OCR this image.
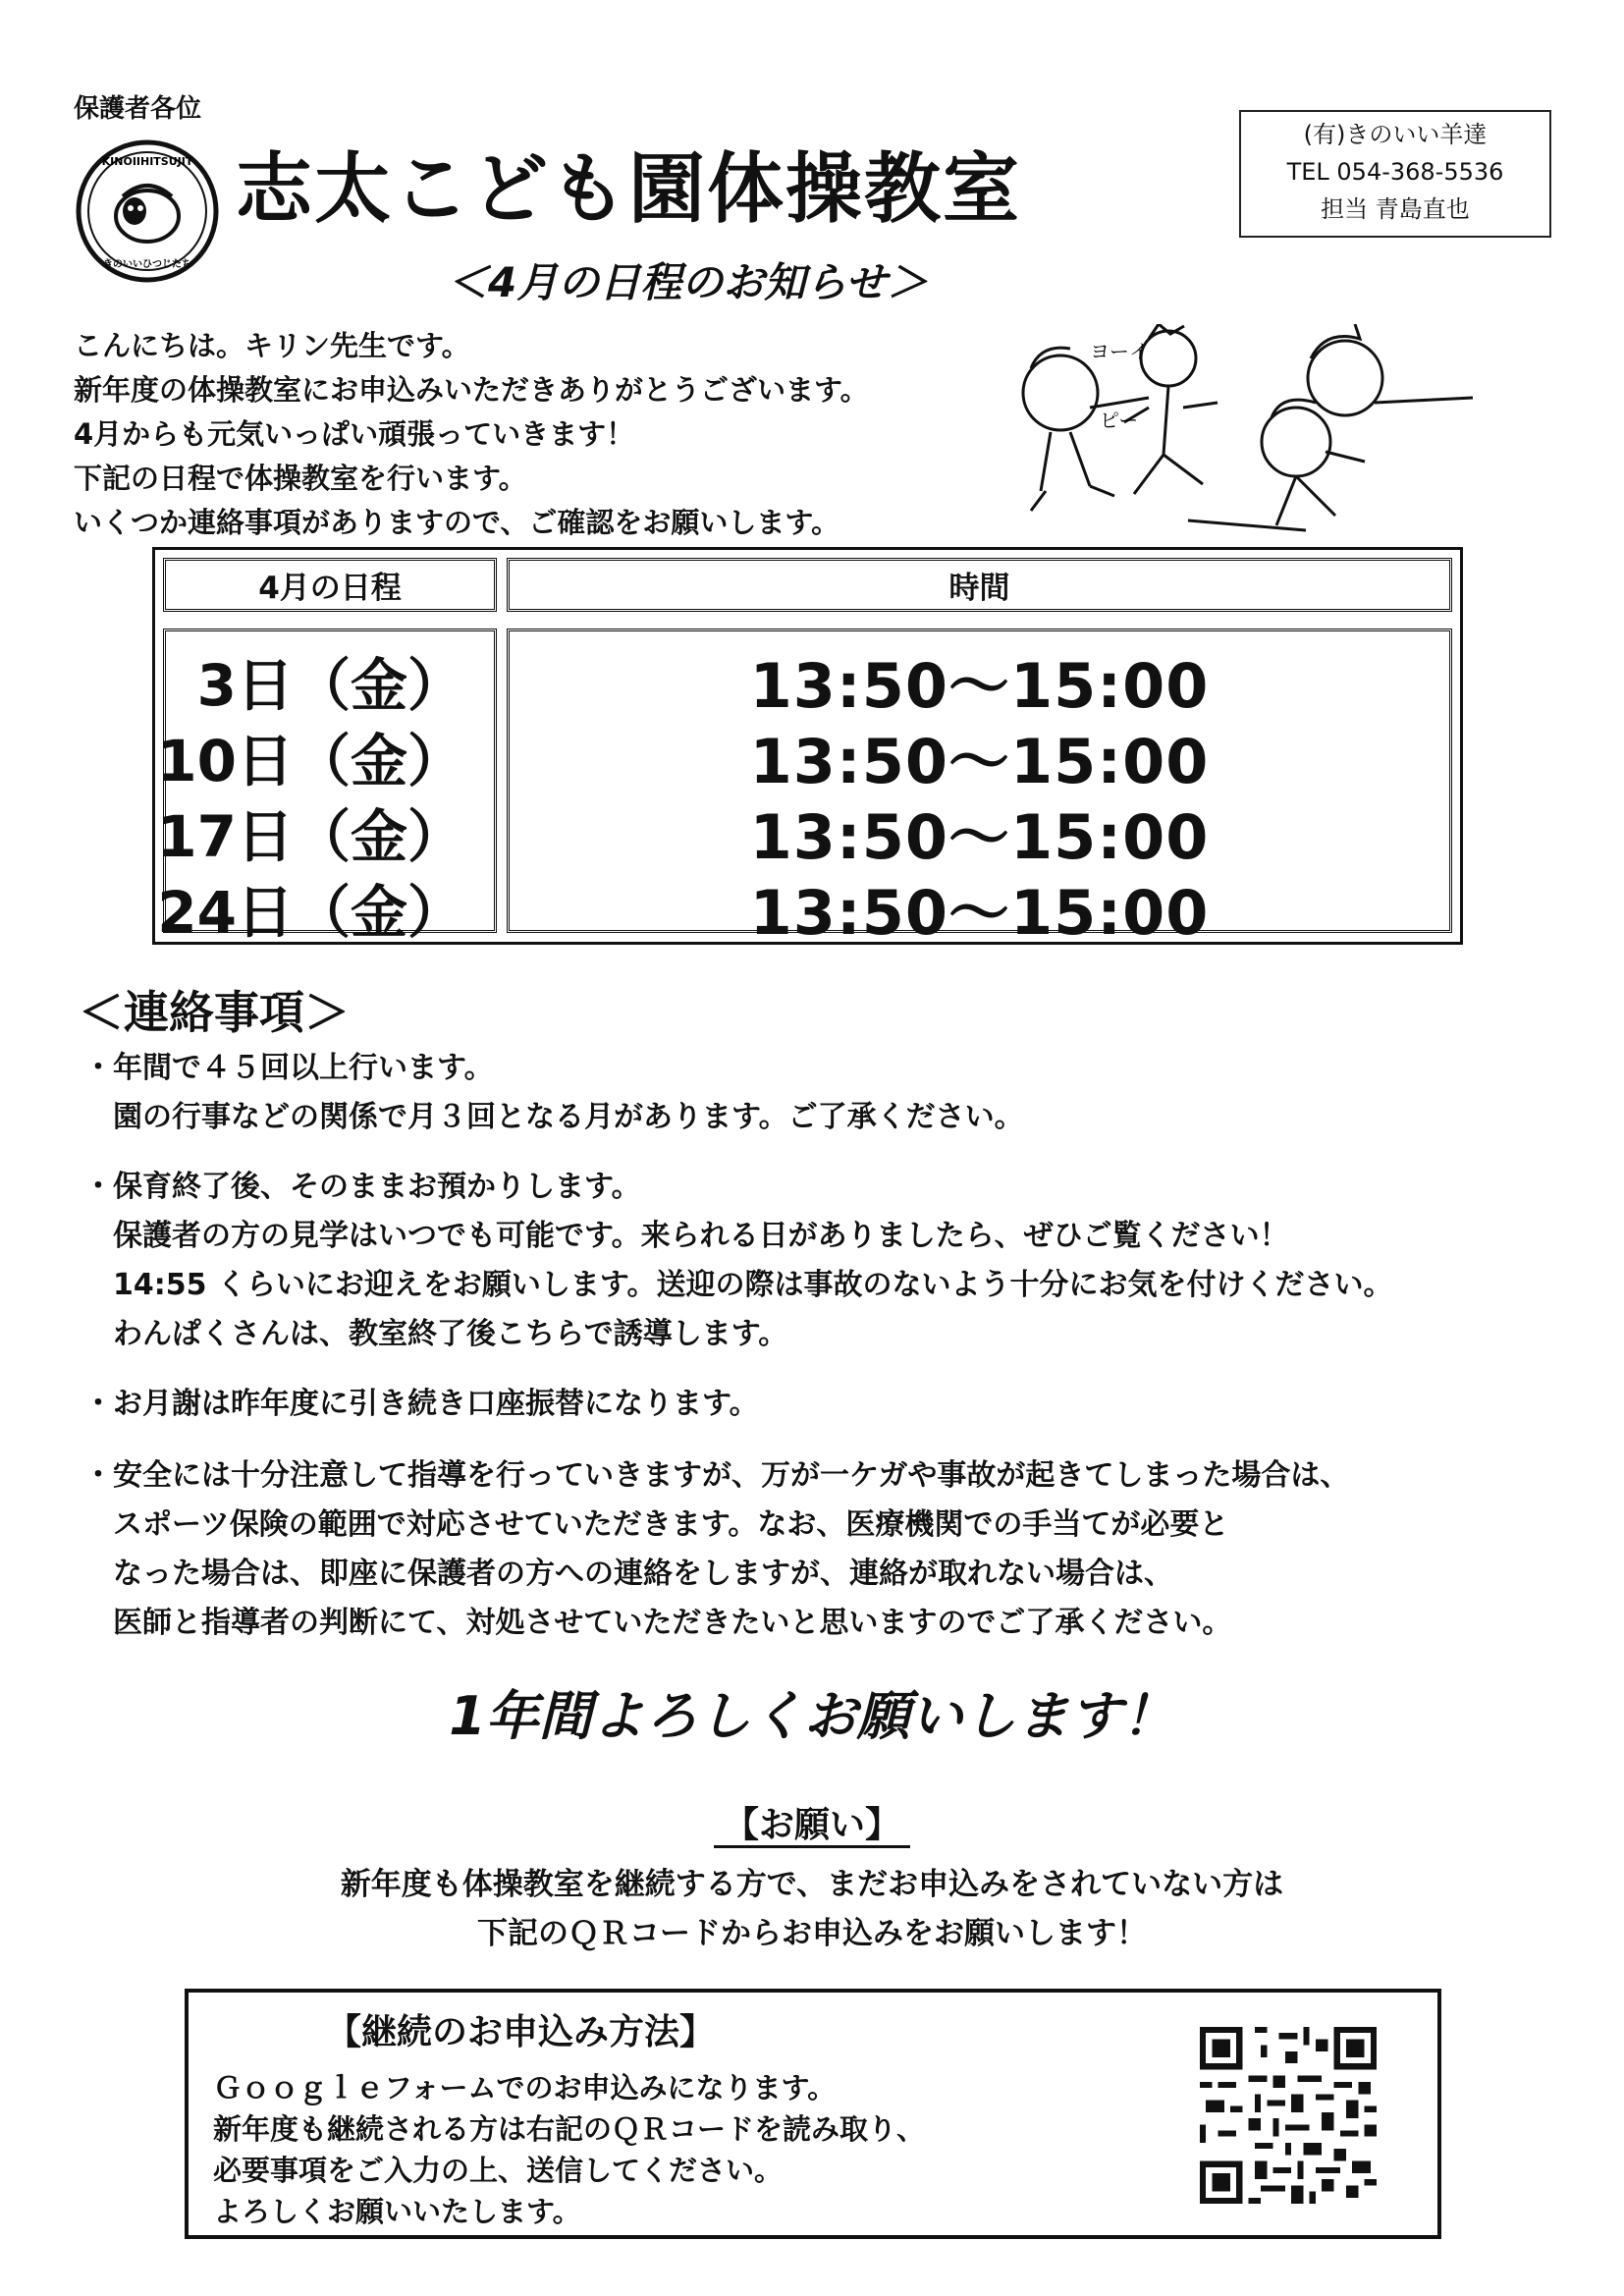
保護者各位
KINOIIHITSUJIT
きのいいひつじたち
志太こども園体操教室
(有)きのいい羊達
TEL 054-368-5536
担当 青島直也
＜4月の日程のお知らせ＞
こんにちは。キリン先生です。
新年度の体操教室にお申込みいただきありがとうございます。
4月からも元気いっぱい頑張っていきます！
下記の日程で体操教室を行います。
いくつか連絡事項がありますので、ご確認をお願いします。
ヨーイ
ピー
4月の日程	時間
3日（金）
10日（金）
17日（金）
24日（金）
13:50～15:00
13:50～15:00
13:50～15:00
13:50～15:00
＜連絡事項＞
・年間で４５回以上行います。
園の行事などの関係で月３回となる月があります。ご了承ください。
・保育終了後、そのままお預かりします。
保護者の方の見学はいつでも可能です。来られる日がありましたら、ぜひご覧ください！
14:55 くらいにお迎えをお願いします。送迎の際は事故のないよう十分にお気を付けください。
わんぱくさんは、教室終了後こちらで誘導します。
・お月謝は昨年度に引き続き口座振替になります。
・安全には十分注意して指導を行っていきますが、万が一ケガや事故が起きてしまった場合は、
スポーツ保険の範囲で対応させていただきます。なお、医療機関での手当てが必要と
なった場合は、即座に保護者の方への連絡をしますが、連絡が取れない場合は、
医師と指導者の判断にて、対処させていただきたいと思いますのでご了承ください。
1年間よろしくお願いします！
【お願い】
新年度も体操教室を継続する方で、まだお申込みをされていない方は
下記のＱＲコードからお申込みをお願いします！
【継続のお申込み方法】
Ｇｏｏｇｌｅフォームでのお申込みになります。
新年度も継続される方は右記のＱＲコードを読み取り、
必要事項をご入力の上、送信してください。
よろしくお願いいたします。
